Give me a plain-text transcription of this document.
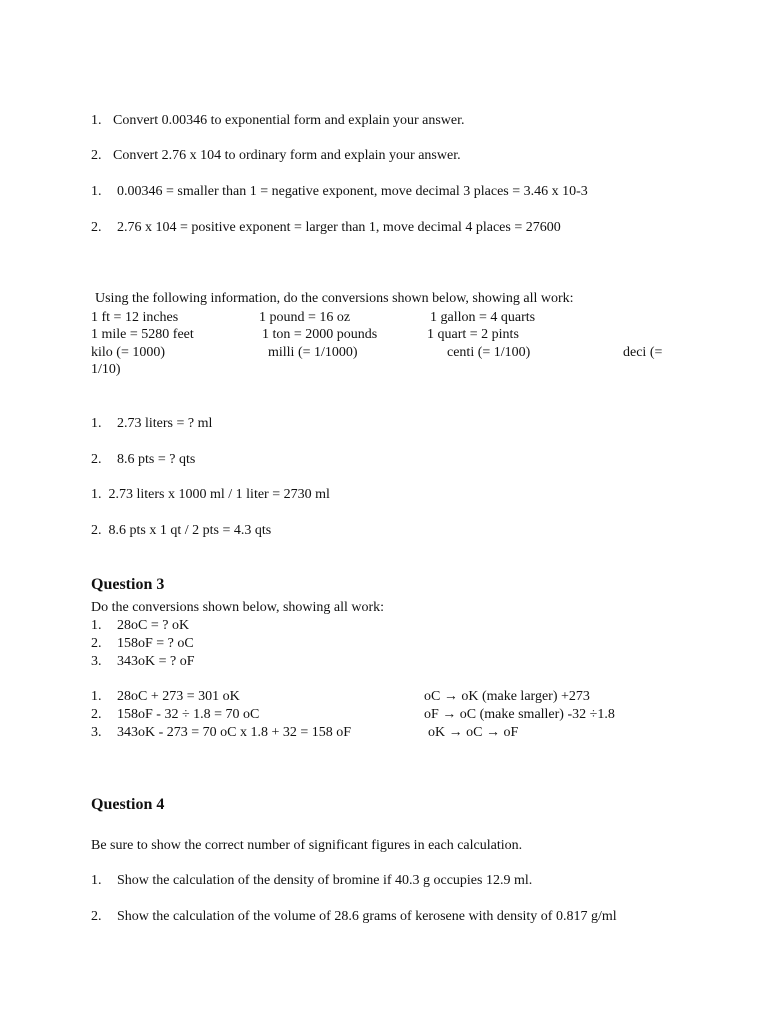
1. Convert 0.00346 to exponential form and explain your answer.
2. Convert 2.76 x 104 to ordinary form and explain your answer.
1. 0.00346 = smaller than 1 = negative exponent, move decimal 3 places = 3.46 x 10-3
2. 2.76 x 104 = positive exponent = larger than 1, move decimal 4 places = 27600
Using the following information, do the conversions shown below, showing all work:
1 ft = 12 inches	1 pound = 16 oz	1 gallon = 4 quarts
1 mile = 5280 feet	1 ton = 2000 pounds	1 quart = 2 pints
kilo (= 1000)	milli (= 1/1000)	centi (= 1/100)	deci (=
1/10)
1. 2.73 liters = ? ml
2. 8.6 pts = ? qts
1.  2.73 liters x 1000 ml / 1 liter = 2730 ml
2.  8.6 pts x 1 qt / 2 pts = 4.3 qts
Question 3
Do the conversions shown below, showing all work:
1. 28oC = ? oK
2. 158oF = ? oC
3. 343oK = ? oF
1. 28oC + 273 = 301 oK	oC → oK (make larger) +273
2. 158oF - 32 ÷ 1.8 = 70 oC	oF → oC (make smaller) -32 ÷1.8
3. 343oK - 273 = 70 oC x 1.8 + 32 = 158 oF	oK → oC → oF
Question 4
Be sure to show the correct number of significant figures in each calculation.
1. Show the calculation of the density of bromine if 40.3 g occupies 12.9 ml.
2. Show the calculation of the volume of 28.6 grams of kerosene with density of 0.817 g/ml
